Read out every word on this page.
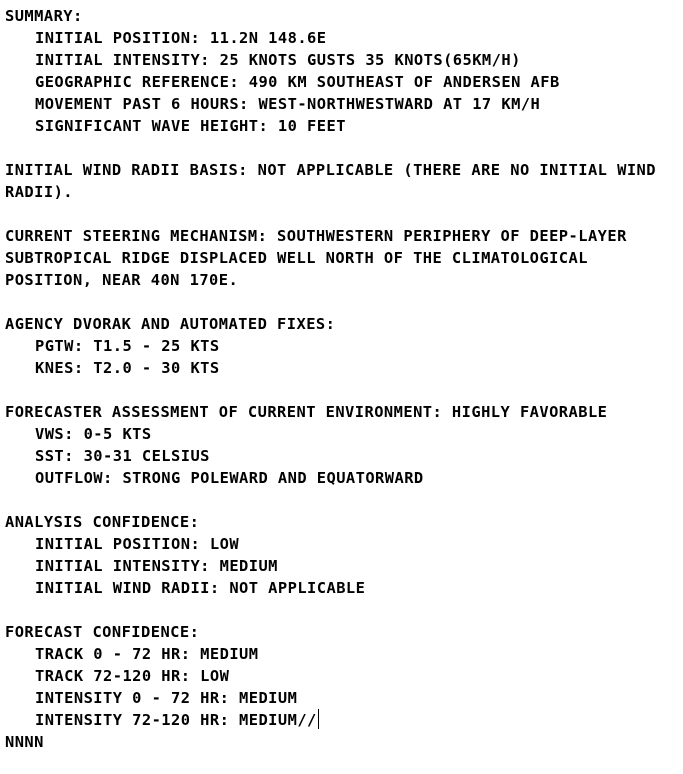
SUMMARY:
INITIAL POSITION: 11.2N 148.6E
INITIAL INTENSITY: 25 KNOTS GUSTS 35 KNOTS(65KM/H)
GEOGRAPHIC REFERENCE: 490 KM SOUTHEAST OF ANDERSEN AFB
MOVEMENT PAST 6 HOURS: WEST-NORTHWESTWARD AT 17 KM/H
SIGNIFICANT WAVE HEIGHT: 10 FEET
INITIAL WIND RADII BASIS: NOT APPLICABLE (THERE ARE NO INITIAL WIND
RADII).
CURRENT STEERING MECHANISM: SOUTHWESTERN PERIPHERY OF DEEP-LAYER
SUBTROPICAL RIDGE DISPLACED WELL NORTH OF THE CLIMATOLOGICAL
POSITION, NEAR 40N 170E.
AGENCY DVORAK AND AUTOMATED FIXES:
PGTW: T1.5 - 25 KTS
KNES: T2.0 - 30 KTS
FORECASTER ASSESSMENT OF CURRENT ENVIRONMENT: HIGHLY FAVORABLE
VWS: 0-5 KTS
SST: 30-31 CELSIUS
OUTFLOW: STRONG POLEWARD AND EQUATORWARD
ANALYSIS CONFIDENCE:
INITIAL POSITION: LOW
INITIAL INTENSITY: MEDIUM
INITIAL WIND RADII: NOT APPLICABLE
FORECAST CONFIDENCE:
TRACK 0 - 72 HR: MEDIUM
TRACK 72-120 HR: LOW
INTENSITY 0 - 72 HR: MEDIUM
INTENSITY 72-120 HR: MEDIUM//
NNNN
